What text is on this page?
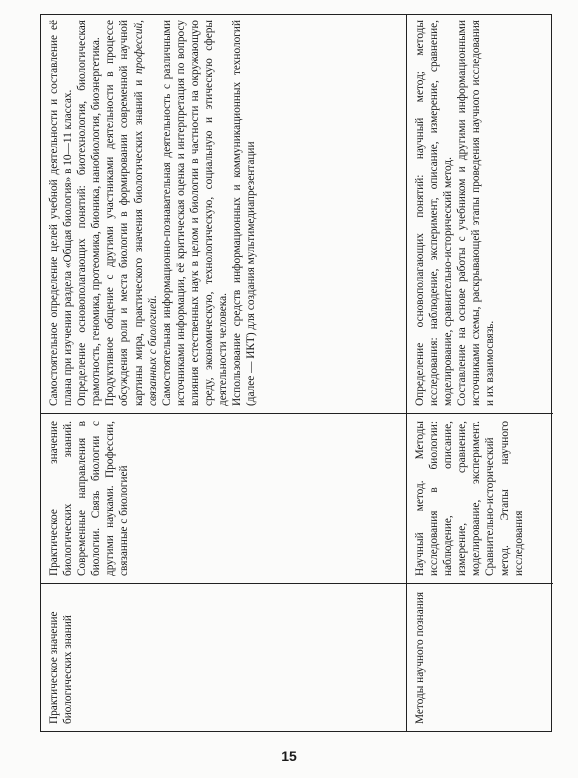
Практическое значение биологических знаний

Практическое значение биологических знаний. Современные направления в биологии. Связь биологии с другими науками. Профессии, связанные с биологией

Самостоятельное определение целей учебной деятельности и составление её плана при изучении раздела «Общая биология» в 10—11 классах. Определение основополагающих понятий: биотехнология, биологическая грамотность, геномика, протеомика, бионика, нанобиология, биоэнергетика. Продуктивное общение с другими участниками деятельности в процессе обсуждения роли и места биологии в формировании современной научной картины мира, практического значения биологических знаний и профессий, связанных с биологией. Самостоятельная информационно-познавательная деятельность с различными источниками информации, её критическая оценка и интерпретация по вопросу влияния естественных наук в целом и биологии в частности на окружающую среду, экономическую, технологическую, социальную и этическую сферы деятельности человека. Использование средств информационных и коммуникационных технологий (далее — ИКТ) для создания мультимедиапрезентации

Методы научного познания

Научный метод. Методы исследования в биологии: наблюдение, описание, измерение, сравнение, моделирование, эксперимент. Сравнительно-исторический метод. Этапы научного исследования

Определение основополагающих понятий: научный метод; методы исследования: наблюдение, эксперимент, описание, измерение, сравнение, моделирование, сравнительно-исторический метод. Составление на основе работы с учебником и другими информационными источниками схемы, раскрывающей этапы проведения научного исследования и их взаимосвязь.

15
